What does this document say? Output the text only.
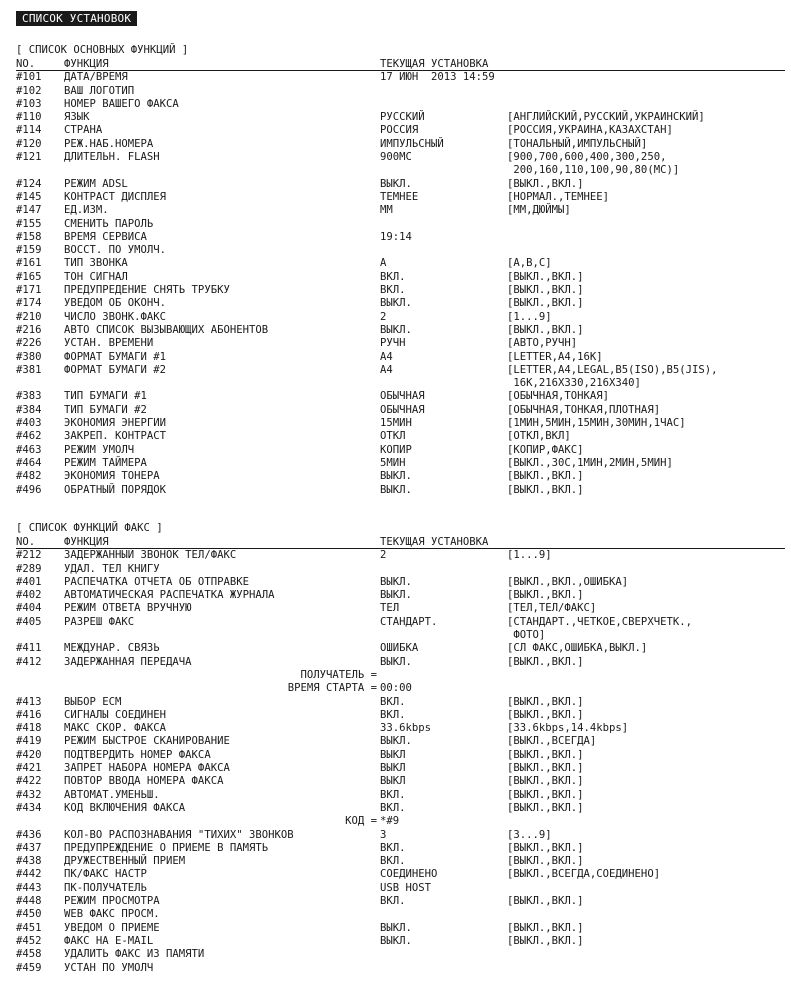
СПИСОК УСТАНОВОК
[ СПИСОК ОСНОВНЫХ ФУНКЦИЙ ]
NO.	ФУНКЦИЯ	ТЕКУЩАЯ УСТАНОВКА
#101 ДАТА/ВРЕМЯ	17 ИЮН  2013 14:59
#102 ВАШ ЛОГОТИП
#103 НОМЕР ВАШЕГО ФАКСА
#110 ЯЗЫК	РУССКИЙ	[АНГЛИЙСКИЙ,РУССКИЙ,УКРАИНСКИЙ]
#114 СТРАНА	РОССИЯ	[РОССИЯ,УКРАИНА,КАЗАХСТАН]
#120 РЕЖ.НАБ.НОМЕРА	ИМПУЛЬСНЫЙ	[ТОНАЛЬНЫЙ,ИМПУЛЬСНЫЙ]
#121 ДЛИТЕЛЬН. FLASH	900МС	[900,700,600,400,300,250,
200,160,110,100,90,80(МС)]
#124 РЕЖИМ ADSL	ВЫКЛ.	[ВЫКЛ.,ВКЛ.]
#145 КОНТРАСТ ДИСПЛЕЯ	ТЕМНЕЕ	[НОРМАЛ.,ТЕМНЕЕ]
#147 ЕД.ИЗМ.	ММ	[ММ,ДЮЙМЫ]
#155 СМЕНИТЬ ПАРОЛЬ
#158 ВРЕМЯ СЕРВИСА	19:14
#159 ВОССТ. ПО УМОЛЧ.
#161 ТИП ЗВОНКА	A	[A,B,C]
#165 ТОН СИГНАЛ	ВКЛ.	[ВЫКЛ.,ВКЛ.]
#171 ПРЕДУПРЕДЕНИЕ СНЯТЬ ТРУБКУ	ВКЛ.	[ВЫКЛ.,ВКЛ.]
#174 УВЕДОМ ОБ ОКОНЧ.	ВЫКЛ.	[ВЫКЛ.,ВКЛ.]
#210 ЧИСЛО ЗВОНК.ФАКС	2	[1...9]
#216 АВТО СПИСОК ВЫЗЫВАЮЩИХ АБОНЕНТОВ	ВЫКЛ.	[ВЫКЛ.,ВКЛ.]
#226 УСТАН. ВРЕМЕНИ	РУЧН	[АВТО,РУЧН]
#380 ФОРМАТ БУМАГИ #1	A4	[LETTER,A4,16K]
#381 ФОРМАТ БУМАГИ #2	A4	[LETTER,A4,LEGAL,B5(ISO),B5(JIS),
16K,216X330,216X340]
#383 ТИП БУМАГИ #1	ОБЫЧНАЯ	[ОБЫЧНАЯ,ТОНКАЯ]
#384 ТИП БУМАГИ #2	ОБЫЧНАЯ	[ОБЫЧНАЯ,ТОНКАЯ,ПЛОТНАЯ]
#403 ЭКОНОМИЯ ЭНЕРГИИ	15МИН	[1МИН,5МИН,15МИН,30МИН,1ЧАС]
#462 ЗАКРЕП. КОНТРАСТ	ОТКЛ	[ОТКЛ,ВКЛ]
#463 РЕЖИМ УМОЛЧ	КОПИР	[КОПИР,ФАКС]
#464 РЕЖИМ ТАЙМЕРА	5МИН	[ВЫКЛ.,30С,1МИН,2МИН,5МИН]
#482 ЭКОНОМИЯ ТОНЕРА	ВЫКЛ.	[ВЫКЛ.,ВКЛ.]
#496 ОБРАТНЫЙ ПОРЯДОК	ВЫКЛ.	[ВЫКЛ.,ВКЛ.]
[ СПИСОК ФУНКЦИЙ ФАКС ]
NO.	ФУНКЦИЯ	ТЕКУЩАЯ УСТАНОВКА
#212 ЗАДЕРЖАННЫЙ ЗВОНОК ТЕЛ/ФАКС	2	[1...9]
#289 УДАЛ. ТЕЛ КНИГУ
#401 РАСПЕЧАТКА ОТЧЕТА ОБ ОТПРАВКЕ	ВЫКЛ.	[ВЫКЛ.,ВКЛ.,ОШИБКА]
#402 АВТОМАТИЧЕСКАЯ РАСПЕЧАТКА ЖУРНАЛА	ВЫКЛ.	[ВЫКЛ.,ВКЛ.]
#404 РЕЖИМ ОТВЕТА ВРУЧНУЮ	ТЕЛ	[ТЕЛ,ТЕЛ/ФАКС]
#405 РАЗРЕШ ФАКС	СТАНДАРТ.	[СТАНДАРТ.,ЧЕТКОЕ,СВЕРХЧЕТК.,
ФОТО]
#411 МЕЖДУНАР. СВЯЗЬ	ОШИБКА	[СЛ ФАКС,ОШИБКА,ВЫКЛ.]
#412 ЗАДЕРЖАННАЯ ПЕРЕДАЧА	ВЫКЛ.	[ВЫКЛ.,ВКЛ.]
ПОЛУЧАТЕЛЬ =
ВРЕМЯ СТАРТА = 00:00
#413 ВЫБОР ECM	ВКЛ.	[ВЫКЛ.,ВКЛ.]
#416 СИГНАЛЫ СОЕДИНЕН	ВКЛ.	[ВЫКЛ.,ВКЛ.]
#418 МАКС СКОР. ФАКСА	33.6kbps	[33.6kbps,14.4kbps]
#419 РЕЖИМ БЫСТРОЕ СКАНИРОВАНИЕ	ВЫКЛ.	[ВЫКЛ.,ВСЕГДА]
#420 ПОДТВЕРДИТЬ НОМЕР ФАКСА	ВЫКЛ	[ВЫКЛ.,ВКЛ.]
#421 ЗАПРЕТ НАБОРА НОМЕРА ФАКСА	ВЫКЛ	[ВЫКЛ.,ВКЛ.]
#422 ПОВТОР ВВОДА НОМЕРА ФАКСА	ВЫКЛ	[ВЫКЛ.,ВКЛ.]
#432 АВТОМАТ.УМЕНЬШ.	ВКЛ.	[ВЫКЛ.,ВКЛ.]
#434 КОД ВКЛЮЧЕНИЯ ФАКСА	ВКЛ.	[ВЫКЛ.,ВКЛ.]
КОД = *#9
#436 КОЛ-ВО РАСПОЗНАВАНИЯ "ТИХИХ" ЗВОНКОВ	3	[3...9]
#437 ПРЕДУПРЕЖДЕНИЕ О ПРИЕМЕ В ПАМЯТЬ	ВКЛ.	[ВЫКЛ.,ВКЛ.]
#438 ДРУЖЕСТВЕННЫЙ ПРИЕМ	ВКЛ.	[ВЫКЛ.,ВКЛ.]
#442 ПК/ФАКС НАСТР	СОЕДИНЕНО	[ВЫКЛ.,ВСЕГДА,СОЕДИНЕНО]
#443 ПК-ПОЛУЧАТЕЛЬ	USB HOST
#448 РЕЖИМ ПРОСМОТРА	ВКЛ.	[ВЫКЛ.,ВКЛ.]
#450 WEB ФАКС ПРОСМ.
#451 УВЕДОМ О ПРИЕМЕ	ВЫКЛ.	[ВЫКЛ.,ВКЛ.]
#452 ФАКС НА E-MAIL	ВЫКЛ.	[ВЫКЛ.,ВКЛ.]
#458 УДАЛИТЬ ФАКС ИЗ ПАМЯТИ
#459 УСТАН ПО УМОЛЧ
